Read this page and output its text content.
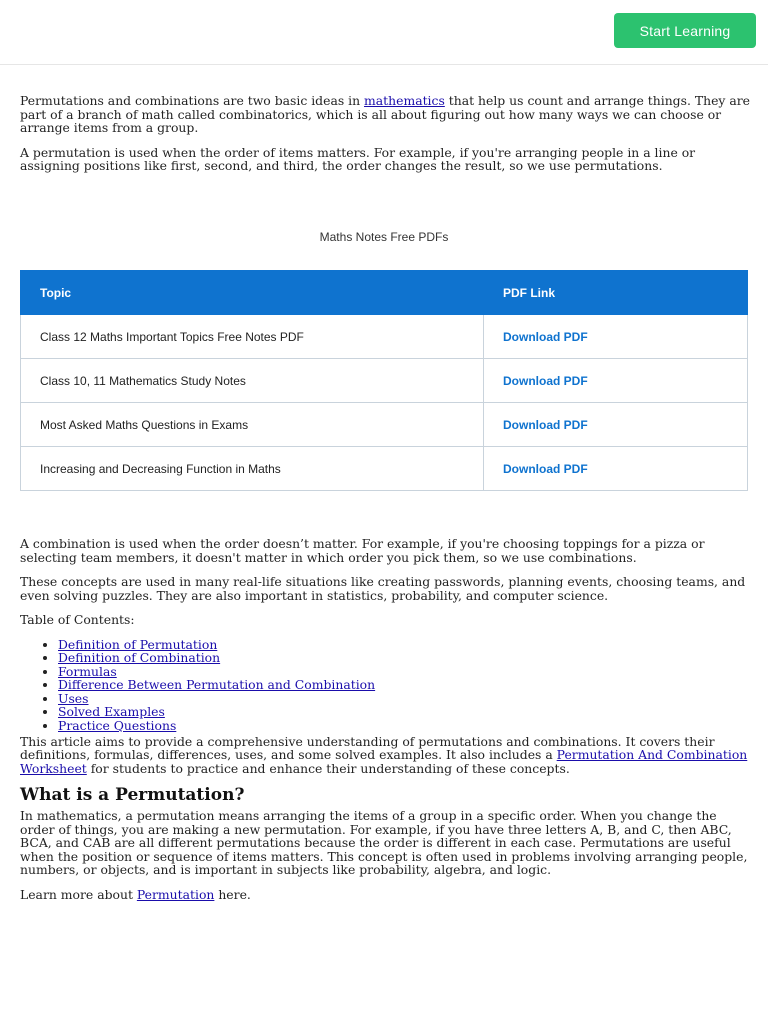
Start Learning

Permutations and combinations are two basic ideas in mathematics that help us count and arrange things. They are part of a branch of math called combinatorics, which is all about figuring out how many ways we can choose or arrange items from a group.

A permutation is used when the order of items matters. For example, if you're arranging people in a line or assigning positions like first, second, and third, the order changes the result, so we use permutations.

Maths Notes Free PDFs
Topic	PDF Link
Class 12 Maths Important Topics Free Notes PDF	Download PDF
Class 10, 11 Mathematics Study Notes	Download PDF
Most Asked Maths Questions in Exams	Download PDF
Increasing and Decreasing Function in Maths	Download PDF

A combination is used when the order doesn’t matter. For example, if you're choosing toppings for a pizza or selecting team members, it doesn't matter in which order you pick them, so we use combinations.

These concepts are used in many real-life situations like creating passwords, planning events, choosing teams, and even solving puzzles. They are also important in statistics, probability, and computer science.

Table of Contents:

• Definition of Permutation
• Definition of Combination
• Formulas
• Difference Between Permutation and Combination
• Uses
• Solved Examples
• Practice Questions

This article aims to provide a comprehensive understanding of permutations and combinations. It covers their definitions, formulas, differences, uses, and some solved examples. It also includes a Permutation And Combination Worksheet for students to practice and enhance their understanding of these concepts.

What is a Permutation?

In mathematics, a permutation means arranging the items of a group in a specific order. When you change the order of things, you are making a new permutation. For example, if you have three letters A, B, and C, then ABC, BCA, and CAB are all different permutations because the order is different in each case. Permutations are useful when the position or sequence of items matters. This concept is often used in problems involving arranging people, numbers, or objects, and is important in subjects like probability, algebra, and logic.

Learn more about Permutation here.
